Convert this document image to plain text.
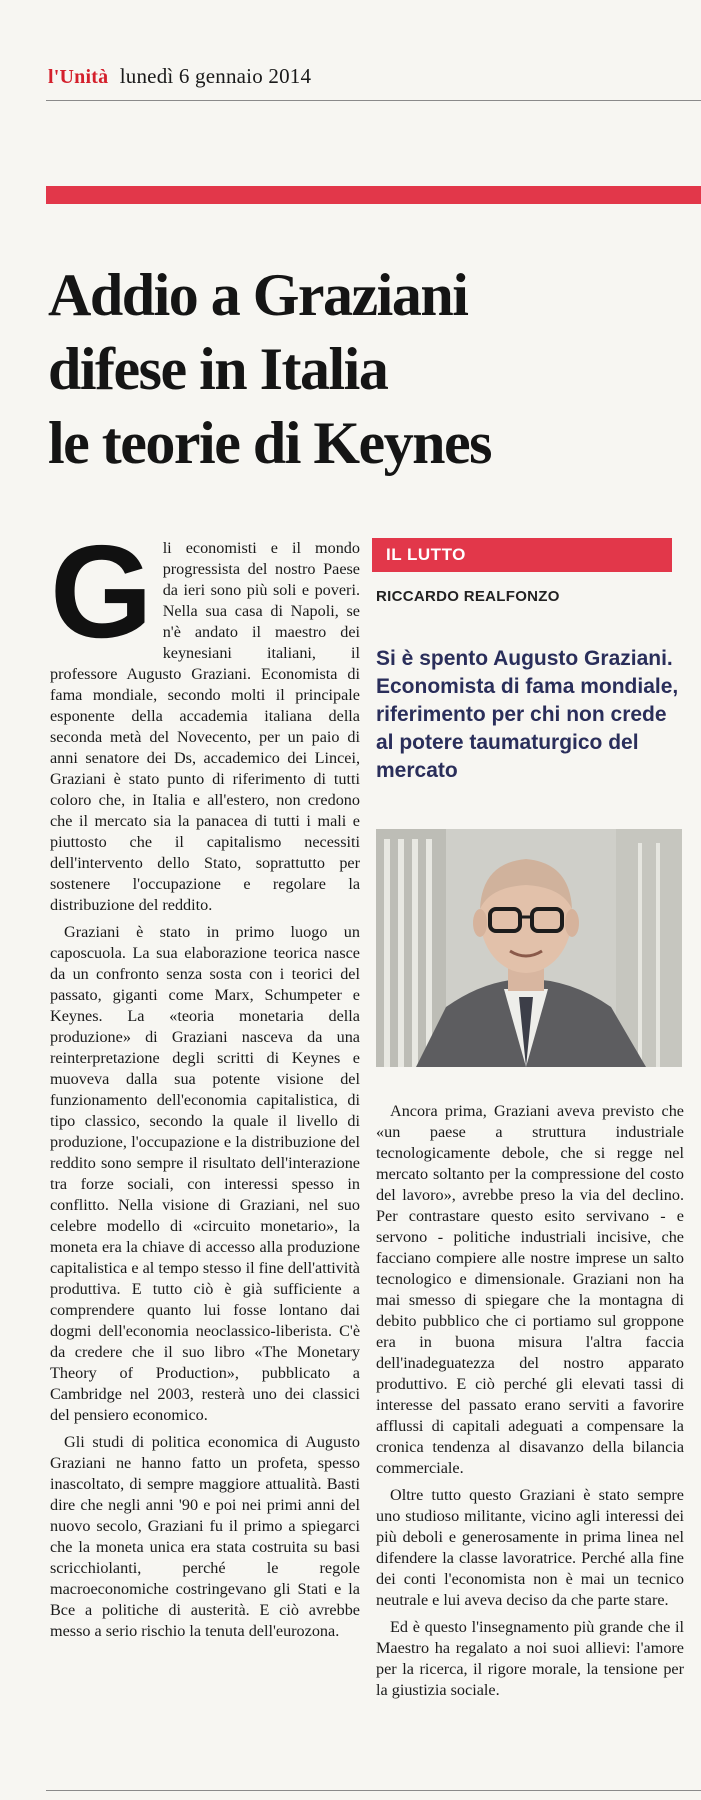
l'Unità lunedì 6 gennaio 2014
Addio a Graziani
difese in Italia
le teorie di Keynes

G li economisti e il mondo progressista del nostro Paese da ieri sono più soli e poveri. Nella sua casa di Napoli, se n'è andato il maestro dei keynesiani italiani, il professore Augusto Graziani. Economista di fama mondiale, secondo molti il principale esponente della accademia italiana della seconda metà del Novecento, per un paio di anni senatore dei Ds, accademico dei Lincei, Graziani è stato punto di riferimento di tutti coloro che, in Italia e all'estero, non credono che il mercato sia la panacea di tutti i mali e piuttosto che il capitalismo necessiti dell'intervento dello Stato, soprattutto per sostenere l'occupazione e regolare la distribuzione del reddito.

Graziani è stato in primo luogo un caposcuola. La sua elaborazione teorica nasce da un confronto senza sosta con i teorici del passato, giganti come Marx, Schumpeter e Keynes. La «teoria monetaria della produzione» di Graziani nasceva da una reinterpretazione degli scritti di Keynes e muoveva dalla sua potente visione del funzionamento dell'economia capitalistica, di tipo classico, secondo la quale il livello di produzione, l'occupazione e la distribuzione del reddito sono sempre il risultato dell'interazione tra forze sociali, con interessi spesso in conflitto. Nella visione di Graziani, nel suo celebre modello di «circuito monetario», la moneta era la chiave di accesso alla produzione capitalistica e al tempo stesso il fine dell'attività produttiva. E tutto ciò è già sufficiente a comprendere quanto lui fosse lontano dai dogmi dell'economia neoclassico-liberista. C'è da credere che il suo libro «The Monetary Theory of Production», pubblicato a Cambridge nel 2003, resterà uno dei classici del pensiero economico.

Gli studi di politica economica di Augusto Graziani ne hanno fatto un profeta, spesso inascoltato, di sempre maggiore attualità. Basti dire che negli anni '90 e poi nei primi anni del nuovo secolo, Graziani fu il primo a spiegarci che la moneta unica era stata costruita su basi scricchiolanti, perché le regole macroeconomiche costringevano gli Stati e la Bce a politiche di austerità. E ciò avrebbe messo a serio rischio la tenuta dell'eurozona.

IL LUTTO
RICCARDO REALFONZO
Si è spento Augusto Graziani. Economista di fama mondiale, riferimento per chi non crede al potere taumaturgico del mercato

Ancora prima, Graziani aveva previsto che «un paese a struttura industriale tecnologicamente debole, che si regge nel mercato soltanto per la compressione del costo del lavoro», avrebbe preso la via del declino. Per contrastare questo esito servivano - e servono - politiche industriali incisive, che facciano compiere alle nostre imprese un salto tecnologico e dimensionale. Graziani non ha mai smesso di spiegare che la montagna di debito pubblico che ci portiamo sul groppone era in buona misura l'altra faccia dell'inadeguatezza del nostro apparato produttivo. E ciò perché gli elevati tassi di interesse del passato erano serviti a favorire afflussi di capitali adeguati a compensare la cronica tendenza al disavanzo della bilancia commerciale.

Oltre tutto questo Graziani è stato sempre uno studioso militante, vicino agli interessi dei più deboli e generosamente in prima linea nel difendere la classe lavoratrice. Perché alla fine dei conti l'economista non è mai un tecnico neutrale e lui aveva deciso da che parte stare.

Ed è questo l'insegnamento più grande che il Maestro ha regalato a noi suoi allievi: l'amore per la ricerca, il rigore morale, la tensione per la giustizia sociale.
